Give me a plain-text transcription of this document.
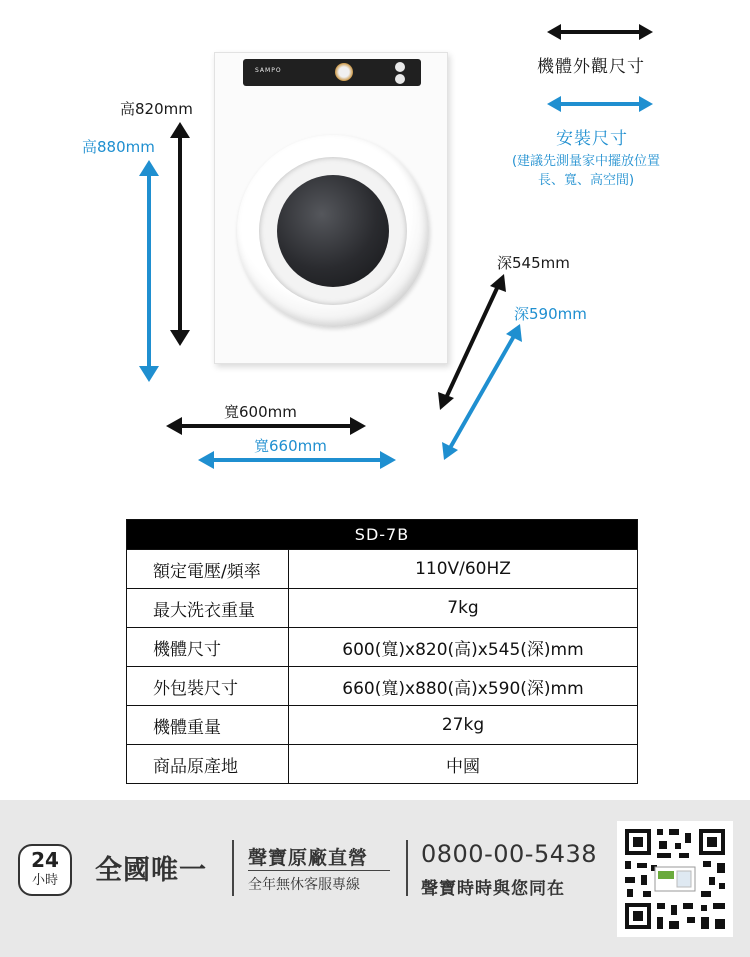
機體外觀尺寸
安裝尺寸
(建議先測量家中擺放位置
長、寬、高空間)
高820mm
高880mm
SAMPO
深545mm
深590mm
寬600mm
寬660mm
SD-7B	
額定電壓/頻率	110V/60HZ
最大洗衣重量	7kg
機體尺寸	600(寬)x820(高)x545(深)mm
外包裝尺寸	660(寬)x880(高)x590(深)mm
機體重量	27kg
商品原產地	中國
24
小時	全國唯一 聲寶原廠直營
全年無休客服專線
0800-00-5438
聲寶時時與您同在
